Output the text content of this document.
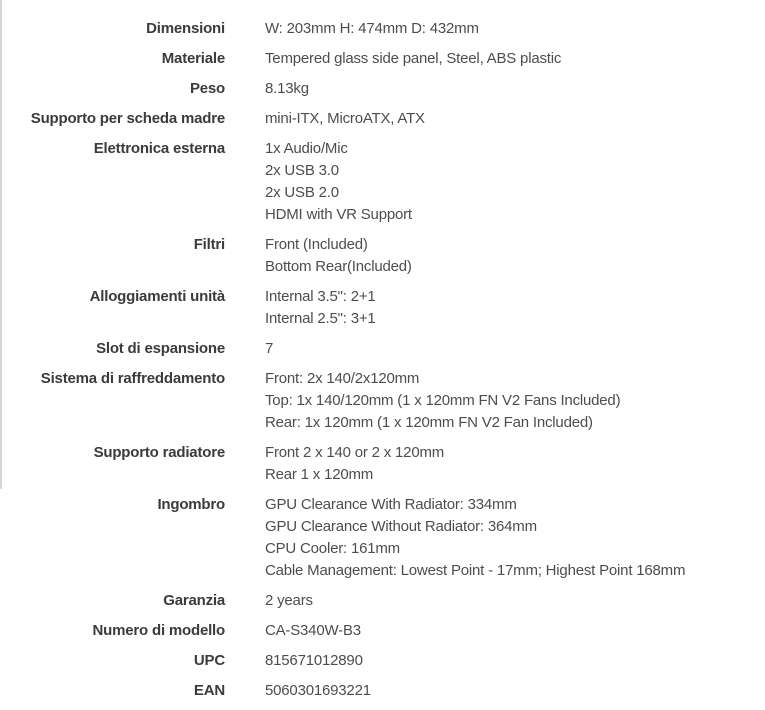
Dimensioni	W: 203mm H: 474mm D: 432mm
Materiale	Tempered glass side panel, Steel, ABS plastic
Peso	8.13kg
Supporto per scheda madre	mini-ITX, MicroATX, ATX
Elettronica esterna	1x Audio/Mic
2x USB 3.0
2x USB 2.0
HDMI with VR Support
Filtri	Front (Included)
Bottom Rear(Included)
Alloggiamenti unità	Internal 3.5": 2+1
Internal 2.5": 3+1
Slot di espansione	7
Sistema di raffreddamento	Front: 2x 140/2x120mm
Top: 1x 140/120mm (1 x 120mm FN V2 Fans Included)
Rear: 1x 120mm (1 x 120mm FN V2 Fan Included)
Supporto radiatore	Front 2 x 140 or 2 x 120mm
Rear 1 x 120mm
Ingombro	GPU Clearance With Radiator: 334mm
GPU Clearance Without Radiator: 364mm
CPU Cooler: 161mm
Cable Management: Lowest Point - 17mm; Highest Point 168mm
Garanzia	2 years
Numero di modello	CA-S340W-B3
UPC	815671012890
EAN	5060301693221
